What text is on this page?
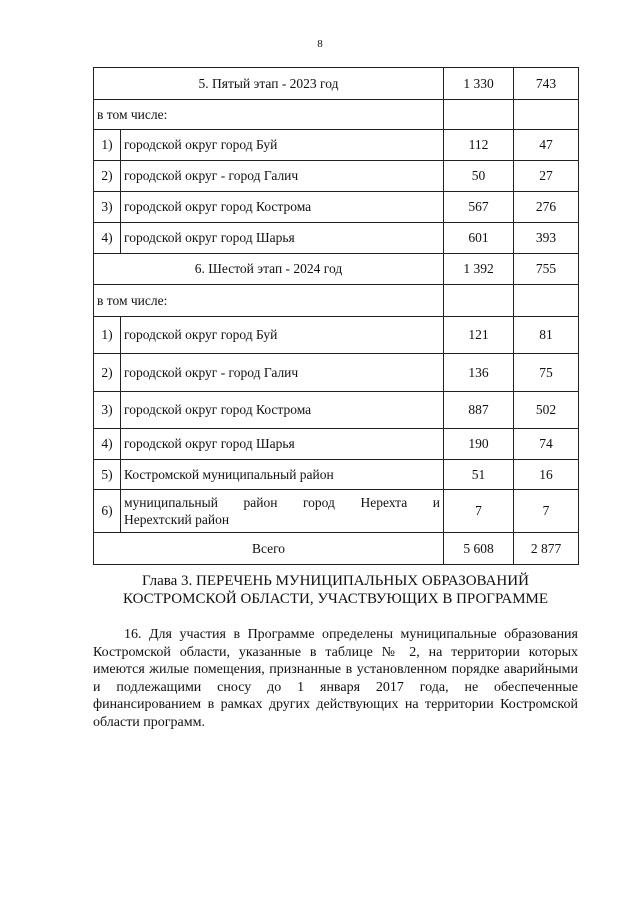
8
5. Пятый этап - 2023 год		1 330	743
в том числе:			
1)	городской округ город Буй	112	47
2)	городской округ - город Галич	50	27
3)	городской округ город Кострома	567	276
4)	городской округ город Шарья	601	393
6. Шестой этап - 2024 год		1 392	755
в том числе:			
1)	городской округ город Буй	121	81
2)	городской округ - город Галич	136	75
3)	городской округ город Кострома	887	502
4)	городской округ город Шарья	190	74
5)	Костромской муниципальный район	51	16
6)	муниципальный район город Нерехта и
Нерехтский район	7	7
Всего		5 608	2 877
Глава 3. ПЕРЕЧЕНЬ МУНИЦИПАЛЬНЫХ ОБРАЗОВАНИЙ
КОСТРОМСКОЙ ОБЛАСТИ, УЧАСТВУЮЩИХ В ПРОГРАММЕ

16. Для участия в Программе определены муниципальные образования Костромской области, указанные в таблице № 2, на территории которых имеются жилые помещения, признанные в установленном порядке аварийными и подлежащими сносу до 1 января 2017 года, не обеспеченные финансированием в рамках других действующих на территории Костромской области программ.
